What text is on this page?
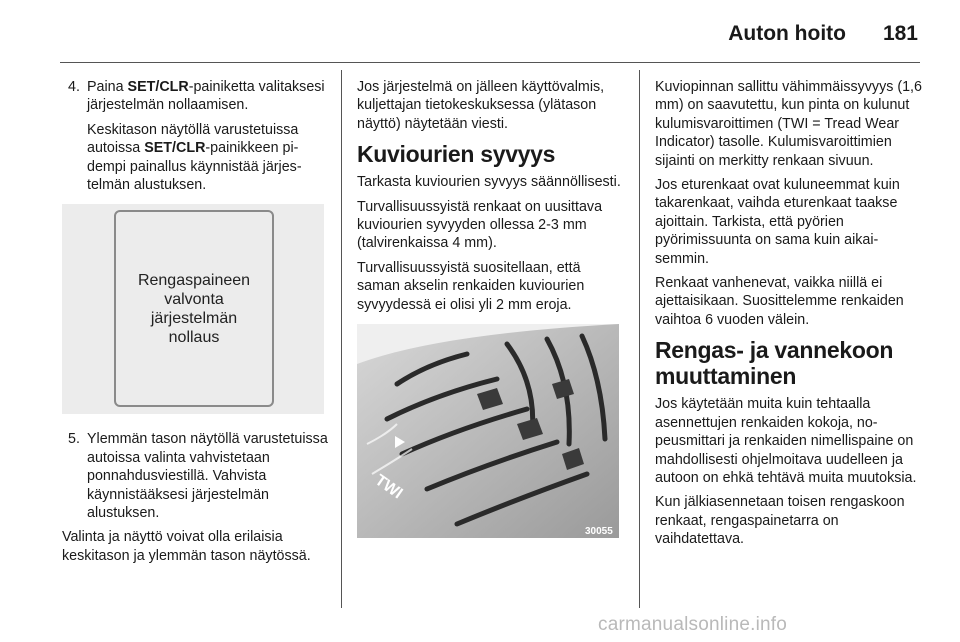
Auton hoito 181

4. Paina SET/CLR-painiketta valitaksesi järjestelmän nollaamisen.

Keskitason näytöllä varustetuissa autoissa SET/CLR-painikkeen pidempi painallus käynnistää järjestelmän alustuksen.

Rengaspaineen
valvonta
järjestelmän
nollaus

5. Ylemmän tason näytöllä varustetuissa autoissa valinta vahvistetaan ponnahdusviestillä. Vahvista käynnistääksesi järjestelmän alustuksen.

Valinta ja näyttö voivat olla erilaisia keskitason ja ylemmän tason näytössä.

Jos järjestelmä on jälleen käyttövalmis, kuljettajan tietokeskuksessa (ylätason näyttö) näytetään viesti.

Kuviourien syvyys

Tarkasta kuviourien syvyys säännöllisesti.

Turvallisuussyistä renkaat on uusittava kuviourien syvyyden ollessa 2-3 mm (talvirenkaissa 4 mm).

Turvallisuussyistä suositellaan, että saman akselin renkaiden kuviourien syvyydessä ei olisi yli 2 mm eroja.

TWI
30055

Kuviopinnan sallittu vähimmäissyvyys (1,6 mm) on saavutettu, kun pinta on kulunut kulumisvaroittimen (TWI = Tread Wear Indicator) tasolle. Kulumisvaroittimien sijainti on merkitty renkaan sivuun.

Jos eturenkaat ovat kuluneemmat kuin takarenkaat, vaihda eturenkaat taakse ajoittain. Tarkista, että pyörien pyörimissuunta on sama kuin aikaisemmin.

Renkaat vanhenevat, vaikka niillä ei ajettaisikaan. Suosittelemme renkaiden vaihtoa 6 vuoden välein.

Rengas- ja vannekoon muuttaminen

Jos käytetään muita kuin tehtaalla asennettujen renkaiden kokoja, nopeusmittari ja renkaiden nimellispaine on mahdollisesti ohjelmoitava uudelleen ja autoon on ehkä tehtävä muita muutoksia.

Kun jälkiasennetaan toisen rengaskoon renkaat, rengaspainetarra on vaihdatettava.

carmanualsonline.info
